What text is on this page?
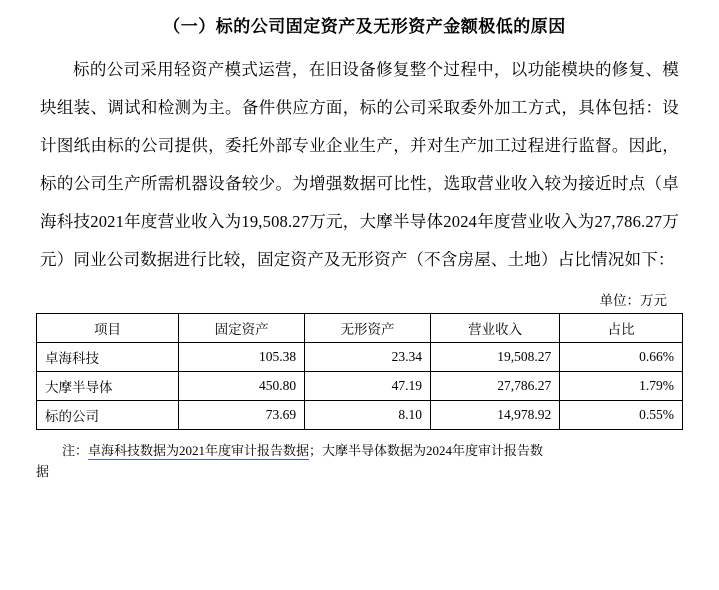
（一）标的公司固定资产及无形资产金额极低的原因

标的公司采用轻资产模式运营，在旧设备修复整个过程中，以功能模块的修复、模块组装、调试和检测为主。备件供应方面，标的公司采取委外加工方式，具体包括：设计图纸由标的公司提供，委托外部专业企业生产，并对生产加工过程进行监督。因此，标的公司生产所需机器设备较少。为增强数据可比性，选取营业收入较为接近时点（卓海科技2021年度营业收入为19,508.27万元，大摩半导体2024年度营业收入为27,786.27万元）同业公司数据进行比较，固定资产及无形资产（不含房屋、土地）占比情况如下：

单位：万元
项目	固定资产	无形资产	营业收入	占比
卓海科技	105.38	23.34	19,508.27	0.66%
大摩半导体	450.80	47.19	27,786.27	1.79%
标的公司	73.69	8.10	14,978.92	0.55%
注：卓海科技数据为2021年度审计报告数据；大摩半导体数据为2024年度审计报告数
据
